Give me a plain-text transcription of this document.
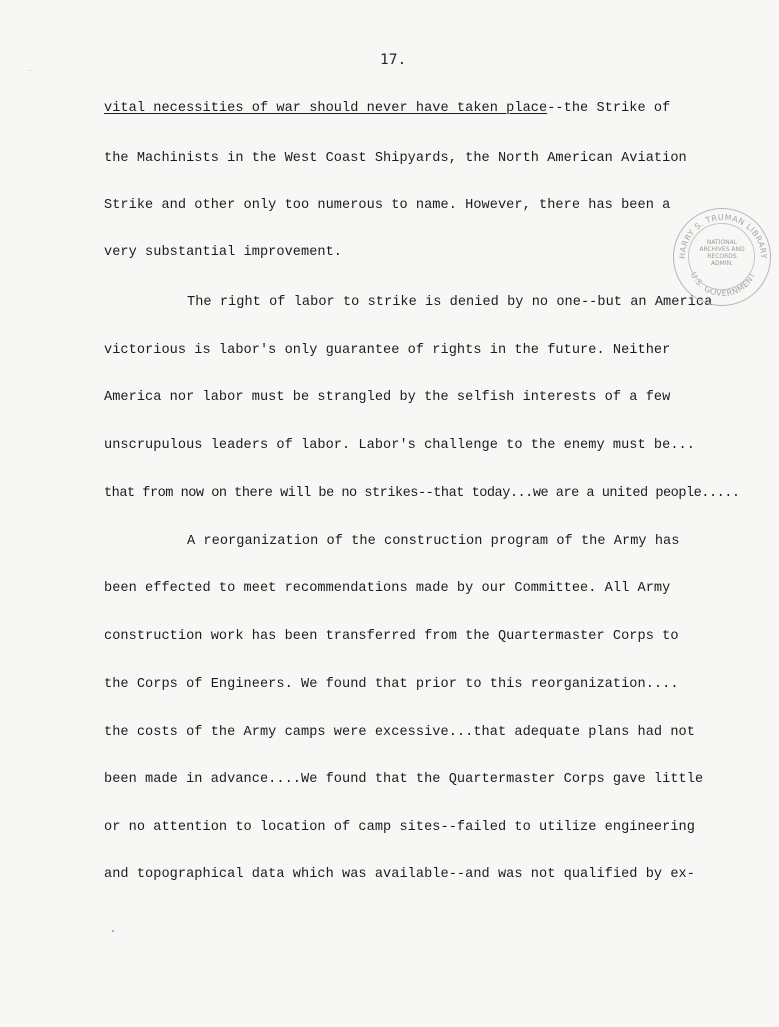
17.

vital necessities of war should never have taken place--the Strike of

the Machinists in the West Coast Shipyards, the North American Aviation

Strike and other only too numerous to name. However, there has been a

very substantial improvement.

The right of labor to strike is denied by no one--but an America

victorious is labor's only guarantee of rights in the future. Neither

America nor labor must be strangled by the selfish interests of a few

unscrupulous leaders of labor. Labor's challenge to the enemy must be...

that from now on there will be no strikes--that today...we are a united people.....

A reorganization of the construction program of the Army has

been effected to meet recommendations made by our Committee. All Army

construction work has been transferred from the Quartermaster Corps to

the Corps of Engineers. We found that prior to this reorganization....

the costs of the Army camps were excessive...that adequate plans had not

been made in advance....We found that the Quartermaster Corps gave little

or no attention to location of camp sites--failed to utilize engineering

and topographical data which was available--and was not qualified by ex-

HARRY S. TRUMAN LIBRARY
U.S. GOVERNMENT
NATIONAL
ARCHIVES AND
RECORDS
ADMIN.
